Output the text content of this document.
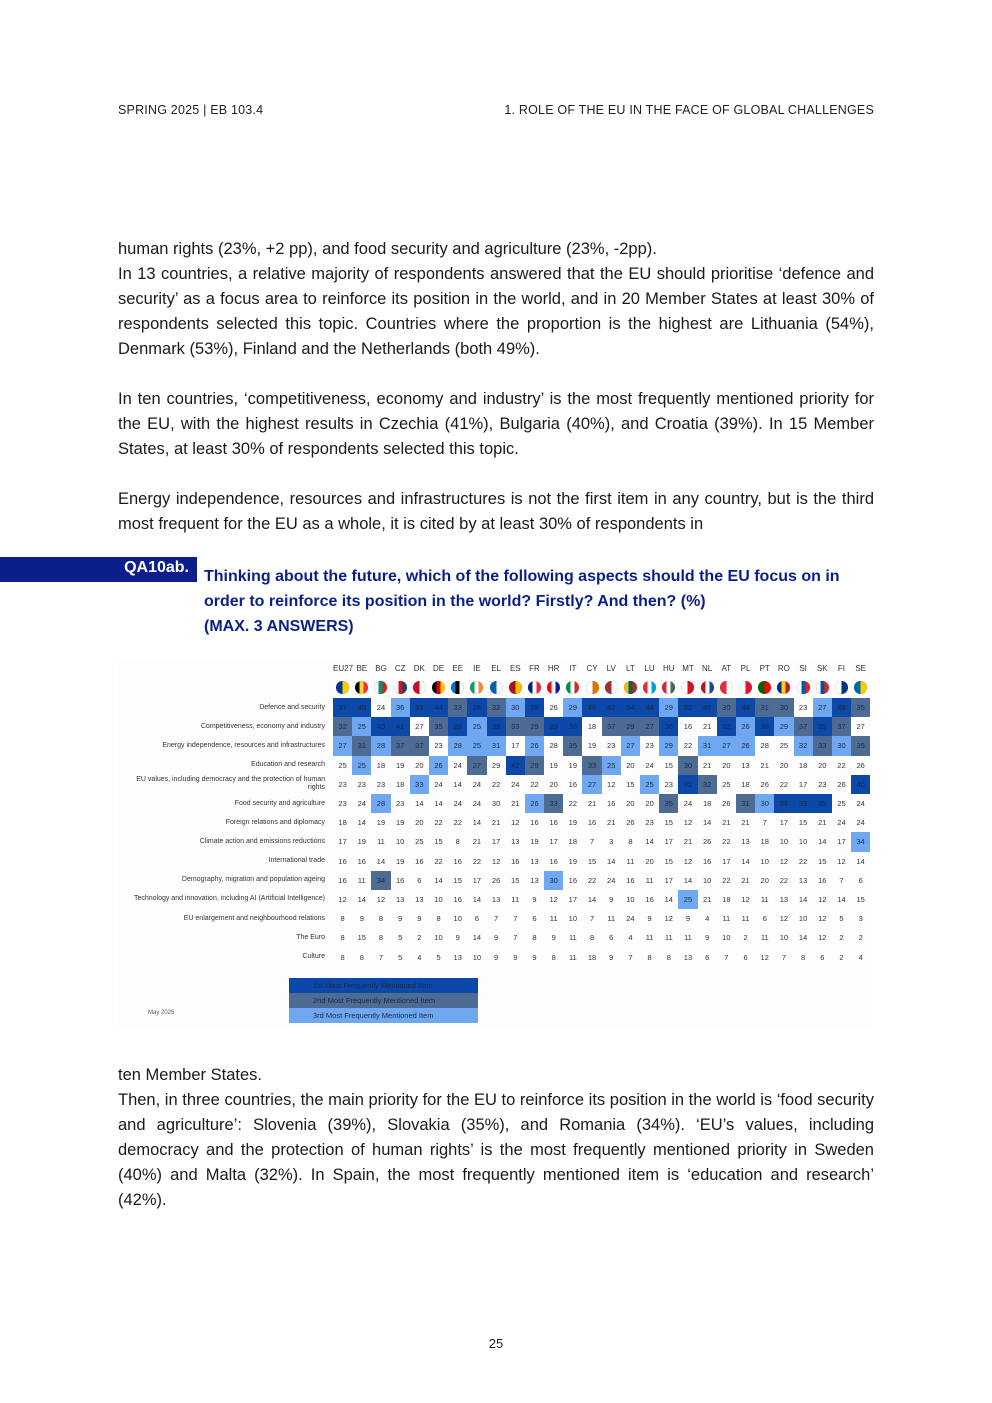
SPRING 2025 | EB 103.4	1. ROLE OF THE EU IN THE FACE OF GLOBAL CHALLENGES

human rights (23%, +2 pp), and food security and agriculture (23%, -2pp).

In 13 countries, a relative majority of respondents answered that the EU should prioritise ‘defence and security’ as a focus area to reinforce its position in the world, and in 20 Member States at least 30% of respondents selected this topic. Countries where the proportion is the highest are Lithuania (54%), Denmark (53%), Finland and the Netherlands (both 49%).

In ten countries, ‘competitiveness, economy and industry’ is the most frequently mentioned priority for the EU, with the highest results in Czechia (41%), Bulgaria (40%), and Croatia (39%). In 15 Member States, at least 30% of respondents selected this topic.

Energy independence, resources and infrastructures is not the first item in any country, but is the third most frequent for the EU as a whole, it is cited by at least 30% of respondents in

QA10ab.
Thinking about the future, which of the following aspects should the EU focus on in order to reinforce its position in the world? Firstly? And then? (%)
(MAX. 3 ANSWERS)
EU27 BE	BG	CZ	DK	DE	EE	IE	EL	ES	FR	HR	IT	CY	LV	LT	LU	HU MT	NL	AT	PL	PT	RO	SI	SK	FI	SE
Defence and security	37	40	24	36	53	44	33	28	32	30	38	26	29	46	42	54	44	29	32	49	30	44	31	30	23	27	49	35
Competitiveness, economy and industry	32	25	40	41	27	35	36	25	38	33	29	39	38	18	37	29	27	36	16	21	32	26	38	29	37	35	37	27
Energy independence, resources and infrastructures	27	31	28	37	37	23	28	25	31	17	26	28	35	19	23	27	23	29	22	31	27	26	28	25	32	33	30	35
Education and research	25	25	18	19	20	26	24	27	29	42	29	19	19	33	25	20	24	15	30	21	20	13	21	20	18	20	22	26
EU values, including democracy and the protection of human rights	23	23	23	18	33	24	14	24	22	24	22	20	16	27	12	15	25	23	32	32	25	18	26	22	17	23	26	40
Food security and agriculture	23	24	28	23	14	14	24	24	30	21	26	33	22	21	16	20	20	35	24	18	26	31	30	34	39	35	25	24
Foreign relations and diplomacy	18	14	19	19	20	22	22	14	21	12	16	16	19	16	21	26	23	15	12	14	21	21	7	17	15	21	24	24
Climate action and emissions reductions	17	19	11	10	25	15	8	21	17	13	19	17	18	7	3	8	14	17	21	26	22	13	18	10	10	14	17	34
International trade	16	16	14	19	16	22	16	22	12	16	13	16	19	15	14	11	20	15	12	16	17	14	10	12	22	15	12	14
Demography, migration and population ageing	16	11	34	16	6	14	15	17	26	15	13	30	16	22	24	16	11	17	14	10	22	21	20	22	13	16	7	6
Technology and innovation, including AI (Artificial Intelligence)	12	14	12	13	13	10	16	14	13	11	9	12	17	14	9	10	16	14	25	21	18	12	11	13	14	12	14	15
EU enlargement and neighbourhood relations	8	9	8	9	9	8	10	6	7	7	6	11	10	7	11	24	9	12	9	4	11	11	6	12	10	12	5	3
The Euro	8	15	8	5	2	10	9	14	9	7	8	9	11	8	6	4	11	11	11	9	10	2	11	10	14	12	2	2
Culture	8	8	7	5	4	5	13	10	9	9	9	8	11	18	9	7	8	8	13	6	7	6	12	7	8	6	2	4
1st Most Frequently Mentioned Item
2nd Most Frequently Mentioned Item
3rd Most Frequently Mentioned Item
May 2025

ten Member States.

Then, in three countries, the main priority for the EU to reinforce its position in the world is ‘food security and agriculture’: Slovenia (39%), Slovakia (35%), and Romania (34%). ‘EU’s values, including democracy and the protection of human rights’ is the most frequently mentioned priority in Sweden (40%) and Malta (32%). In Spain, the most frequently mentioned item is ‘education and research’ (42%).

25
